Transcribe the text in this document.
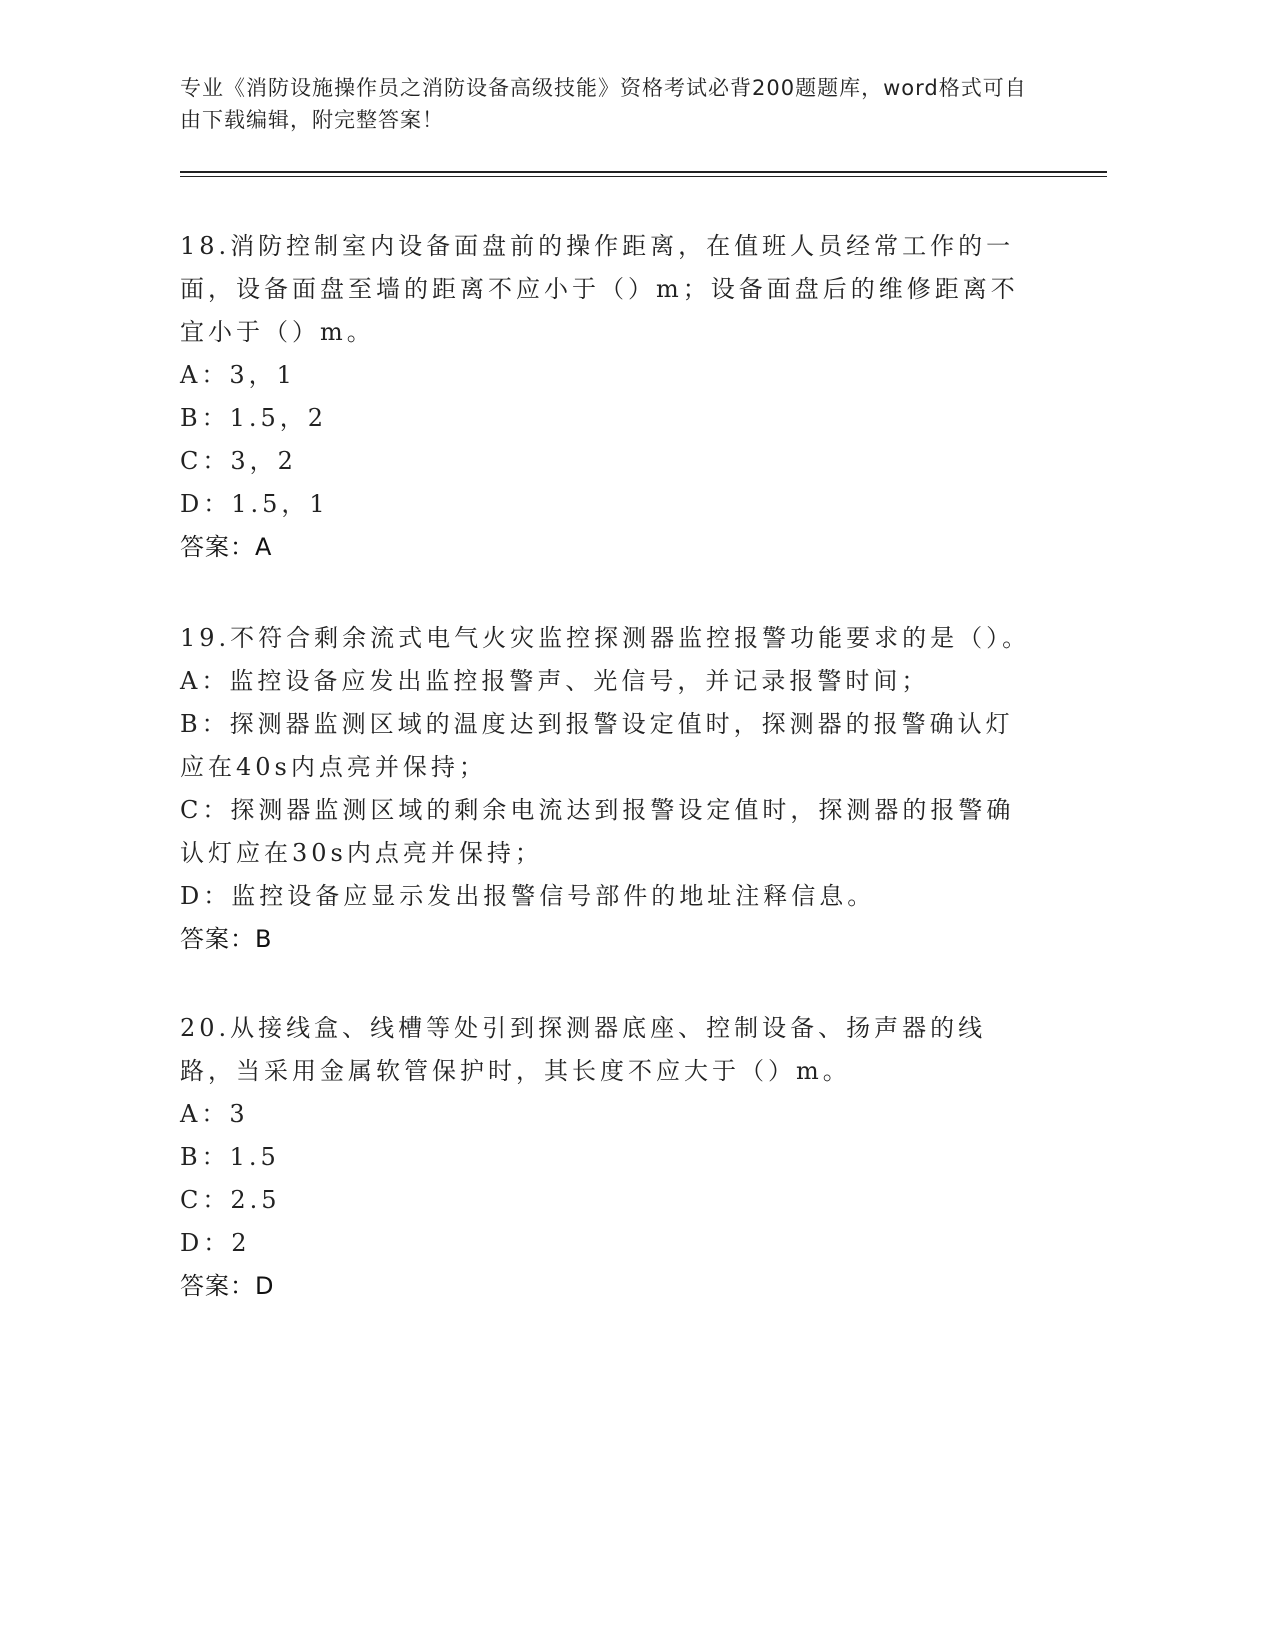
专业《消防设施操作员之消防设备高级技能》资格考试必背200题题库，word格式可自由下载编辑，附完整答案！

18.消防控制室内设备面盘前的操作距离，在值班人员经常工作的一面，设备面盘至墙的距离不应小于（）m；设备面盘后的维修距离不宜小于（）m。

A：3，1

B：1.5，2

C：3，2

D：1.5，1

答案：A

19.不符合剩余流式电气火灾监控探测器监控报警功能要求的是（）。

A：监控设备应发出监控报警声、光信号，并记录报警时间；

B：探测器监测区域的温度达到报警设定值时，探测器的报警确认灯应在40s内点亮并保持；

C：探测器监测区域的剩余电流达到报警设定值时，探测器的报警确认灯应在30s内点亮并保持；

D：监控设备应显示发出报警信号部件的地址注释信息。

答案：B

20.从接线盒、线槽等处引到探测器底座、控制设备、扬声器的线路，当采用金属软管保护时，其长度不应大于（）m。

A：3

B：1.5

C：2.5

D：2

答案：D
